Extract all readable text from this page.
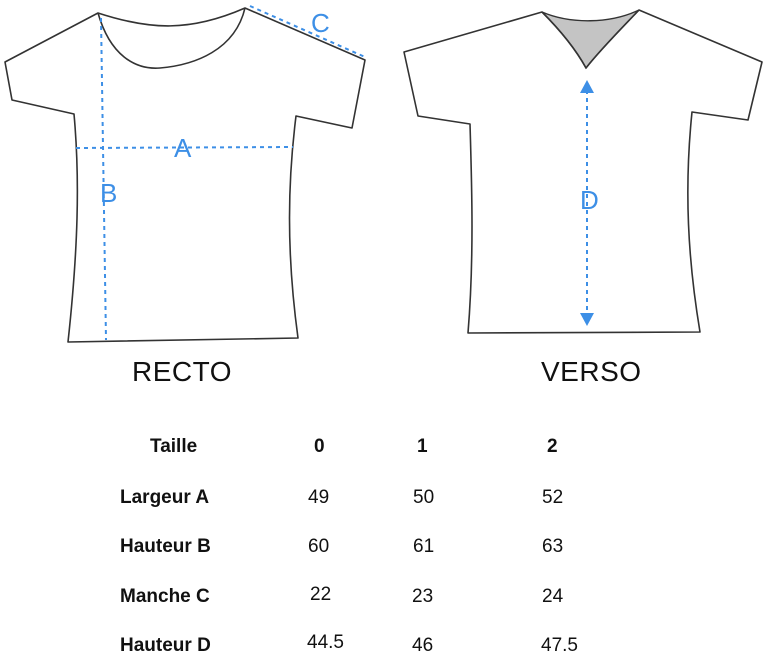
A
B
C
D
RECTO	VERSO
Taille	0	1	2
Largeur A	49	50	52
Hauteur B	60	61	63
Manche C	22	23	24
Hauteur D	44.5	46	47.5
